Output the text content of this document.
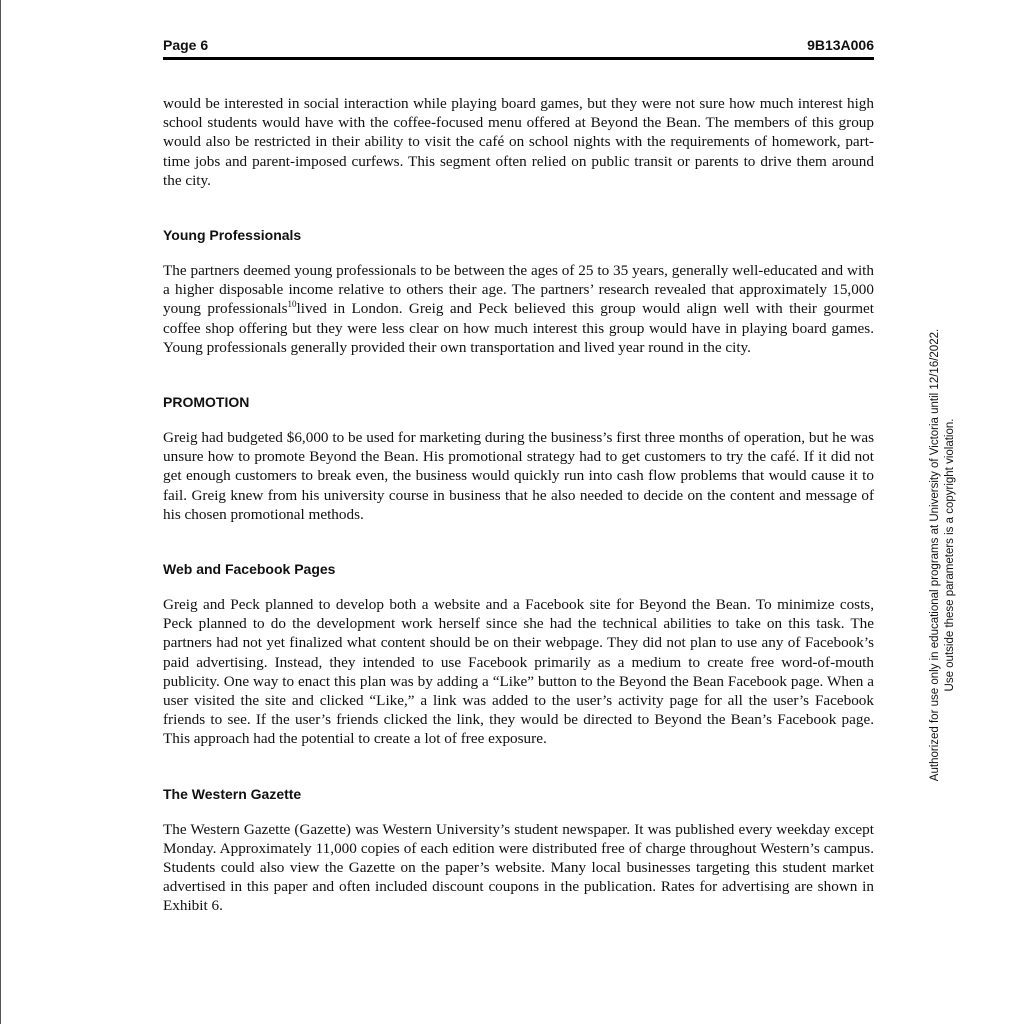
Page 6	9B13A006

would be interested in social interaction while playing board games, but they were not sure how much interest high school students would have with the coffee-focused menu offered at Beyond the Bean. The members of this group would also be restricted in their ability to visit the café on school nights with the requirements of homework, part-time jobs and parent-imposed curfews. This segment often relied on public transit or parents to drive them around the city.

Young Professionals

The partners deemed young professionals to be between the ages of 25 to 35 years, generally well-educated and with a higher disposable income relative to others their age. The partners’ research revealed that approximately 15,000 young professionals$^{10}$lived in London. Greig and Peck believed this group would align well with their gourmet coffee shop offering but they were less clear on how much interest this group would have in playing board games. Young professionals generally provided their own transportation and lived year round in the city.

PROMOTION

Greig had budgeted $6,000 to be used for marketing during the business’s first three months of operation, but he was unsure how to promote Beyond the Bean. His promotional strategy had to get customers to try the café. If it did not get enough customers to break even, the business would quickly run into cash flow problems that would cause it to fail. Greig knew from his university course in business that he also needed to decide on the content and message of his chosen promotional methods.

Web and Facebook Pages

Greig and Peck planned to develop both a website and a Facebook site for Beyond the Bean. To minimize costs, Peck planned to do the development work herself since she had the technical abilities to take on this task. The partners had not yet finalized what content should be on their webpage. They did not plan to use any of Facebook’s paid advertising. Instead, they intended to use Facebook primarily as a medium to create free word-of-mouth publicity. One way to enact this plan was by adding a “Like” button to the Beyond the Bean Facebook page. When a user visited the site and clicked “Like,” a link was added to the user’s activity page for all the user’s Facebook friends to see. If the user’s friends clicked the link, they would be directed to Beyond the Bean’s Facebook page. This approach had the potential to create a lot of free exposure.

The Western Gazette

The Western Gazette (Gazette) was Western University’s student newspaper. It was published every weekday except Monday. Approximately 11,000 copies of each edition were distributed free of charge throughout Western’s campus. Students could also view the Gazette on the paper’s website. Many local businesses targeting this student market advertised in this paper and often included discount coupons in the publication. Rates for advertising are shown in Exhibit 6.

Authorized for use only in educational programs at University of Victoria until 12/16/2022. Use outside these parameters is a copyright violation.
